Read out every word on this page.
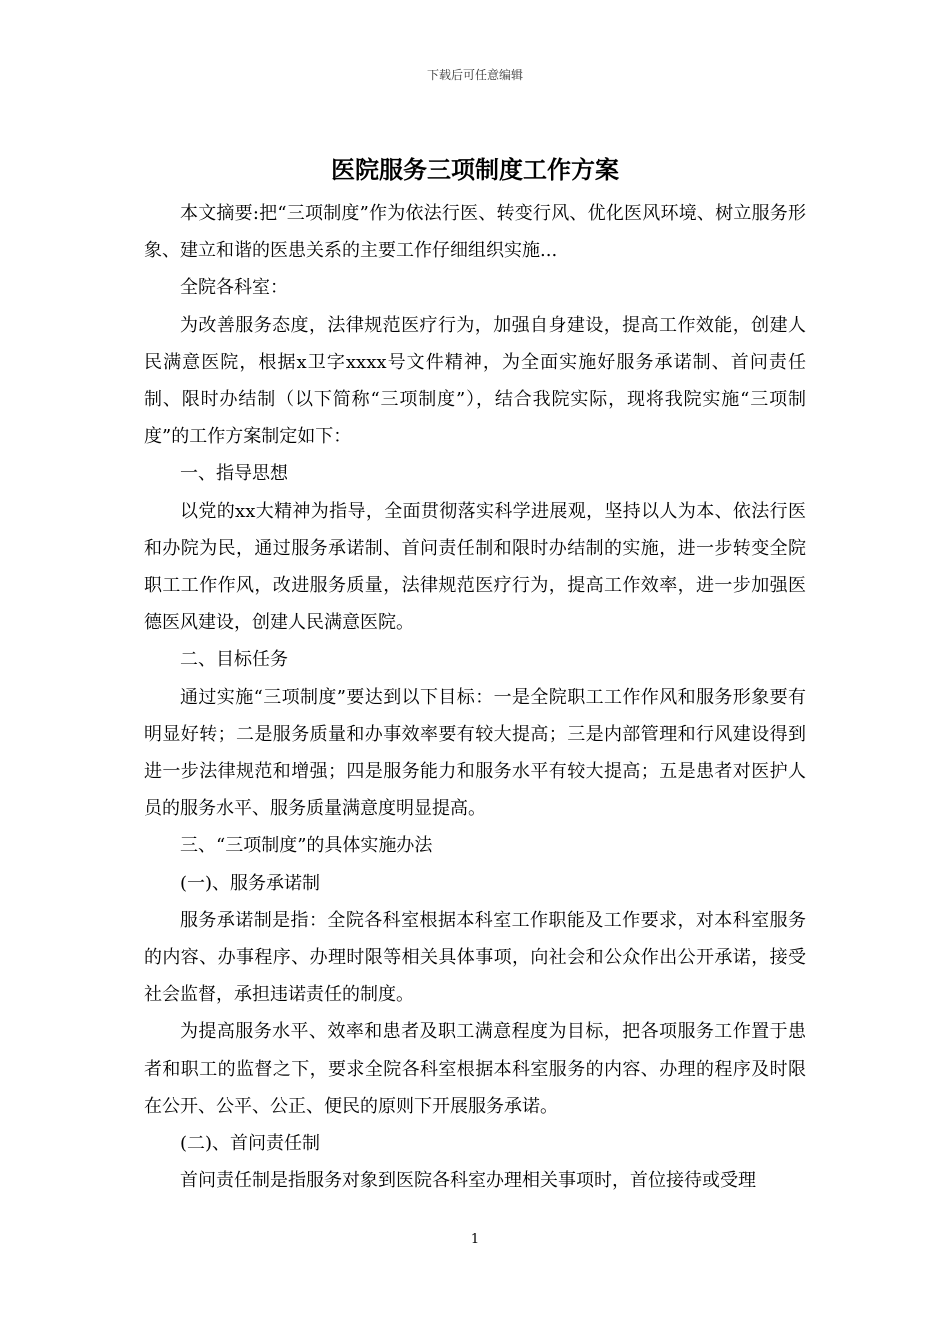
下载后可任意编辑
医院服务三项制度工作方案

本文摘要:把“三项制度”作为依法行医、转变行风、优化医风环境、树立服务形象、建立和谐的医患关系的主要工作仔细组织实施...

全院各科室：

为改善服务态度，法律规范医疗行为，加强自身建设，提高工作效能，创建人民满意医院，根据x卫字xxxx号文件精神，为全面实施好服务承诺制、首问责任制、限时办结制（以下简称“三项制度”），结合我院实际，现将我院实施“三项制度”的工作方案制定如下：

一、指导思想

以党的xx大精神为指导，全面贯彻落实科学进展观，坚持以人为本、依法行医和办院为民，通过服务承诺制、首问责任制和限时办结制的实施，进一步转变全院职工工作作风，改进服务质量，法律规范医疗行为，提高工作效率，进一步加强医德医风建设，创建人民满意医院。

二、目标任务

通过实施“三项制度”要达到以下目标：一是全院职工工作作风和服务形象要有明显好转；二是服务质量和办事效率要有较大提高；三是内部管理和行风建设得到进一步法律规范和增强；四是服务能力和服务水平有较大提高；五是患者对医护人员的服务水平、服务质量满意度明显提高。

三、“三项制度”的具体实施办法

(一)、服务承诺制

服务承诺制是指：全院各科室根据本科室工作职能及工作要求，对本科室服务的内容、办事程序、办理时限等相关具体事项，向社会和公众作出公开承诺，接受社会监督，承担违诺责任的制度。

为提高服务水平、效率和患者及职工满意程度为目标，把各项服务工作置于患者和职工的监督之下，要求全院各科室根据本科室服务的内容、办理的程序及时限在公开、公平、公正、便民的原则下开展服务承诺。

(二)、首问责任制

首问责任制是指服务对象到医院各科室办理相关事项时，首位接待或受理

1
